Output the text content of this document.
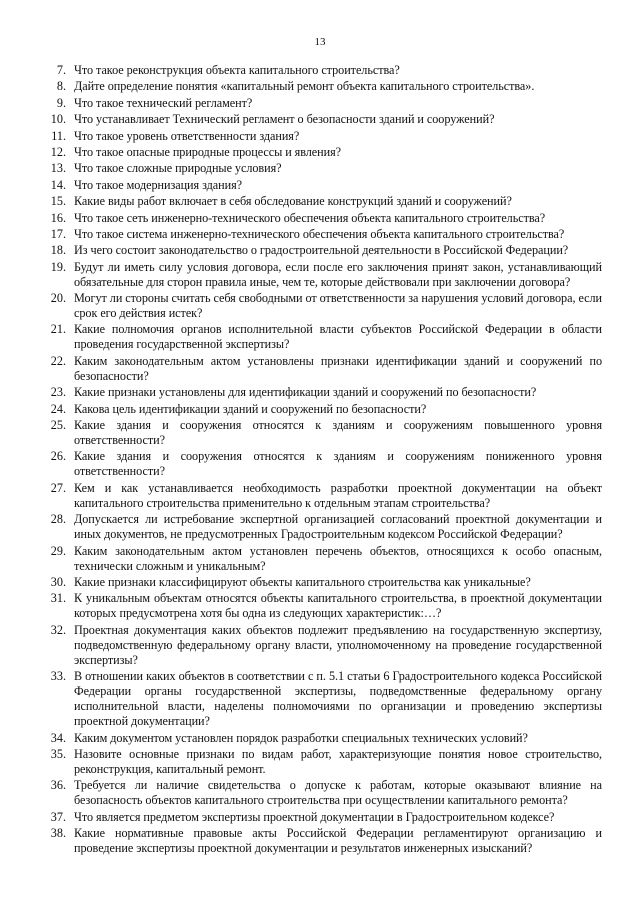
13
7. Что такое реконструкция объекта капитального строительства?
8. Дайте определение понятия «капитальный ремонт объекта капитального строительства».
9. Что такое технический регламент?
10. Что устанавливает Технический регламент о безопасности зданий и сооружений?
11. Что такое уровень ответственности здания?
12. Что такое опасные природные процессы и явления?
13. Что такое сложные природные условия?
14. Что такое модернизация здания?
15. Какие виды работ включает в себя обследование конструкций зданий и сооружений?
16. Что такое сеть инженерно-технического обеспечения объекта капитального строительства?
17. Что такое система инженерно-технического обеспечения объекта капитального строительства?
18. Из чего состоит законодательство о градостроительной деятельности в Российской Федерации?
19. Будут ли иметь силу условия договора, если после его заключения принят закон, устанавливающий обязательные для сторон правила иные, чем те, которые действовали при заключении договора?
20. Могут ли стороны считать себя свободными от ответственности за нарушения условий договора, если срок его действия истек?
21. Какие полномочия органов исполнительной власти субъектов Российской Федерации в области проведения государственной экспертизы?
22. Каким законодательным актом установлены признаки идентификации зданий и сооружений по безопасности?
23. Какие признаки установлены для идентификации зданий и сооружений по безопасности?
24. Какова цель идентификации зданий и сооружений по безопасности?
25. Какие здания и сооружения относятся к зданиям и сооружениям повышенного уровня ответственности?
26. Какие здания и сооружения относятся к зданиям и сооружениям пониженного уровня ответственности?
27. Кем и как устанавливается необходимость разработки проектной документации на объект капитального строительства применительно к отдельным этапам строительства?
28. Допускается ли истребование экспертной организацией согласований проектной документации и иных документов, не предусмотренных Градостроительным кодексом Российской Федерации?
29. Каким законодательным актом установлен перечень объектов, относящихся к особо опасным, технически сложным и уникальным?
30. Какие признаки классифицируют объекты капитального строительства как уникальные?
31. К уникальным объектам относятся объекты капитального строительства, в проектной документации которых предусмотрена хотя бы одна из следующих характеристик:…?
32. Проектная документация каких объектов подлежит предъявлению на государственную экспертизу, подведомственную федеральному органу власти, уполномоченному на проведение государственной экспертизы?
33. В отношении каких объектов в соответствии с п. 5.1 статьи 6 Градостроительного кодекса Российской Федерации органы государственной экспертизы, подведомственные федеральному органу исполнительной власти, наделены полномочиями по организации и проведению экспертизы проектной документации?
34. Каким документом установлен порядок разработки специальных технических условий?
35. Назовите основные признаки по видам работ, характеризующие понятия новое строительство, реконструкция, капитальный ремонт.
36. Требуется ли наличие свидетельства о допуске к работам, которые оказывают влияние на безопасность объектов капитального строительства при осуществлении капитального ремонта?
37. Что является предметом экспертизы проектной документации в Градостроительном кодексе?
38. Какие нормативные правовые акты Российской Федерации регламентируют организацию и проведение экспертизы проектной документации и результатов инженерных изысканий?
